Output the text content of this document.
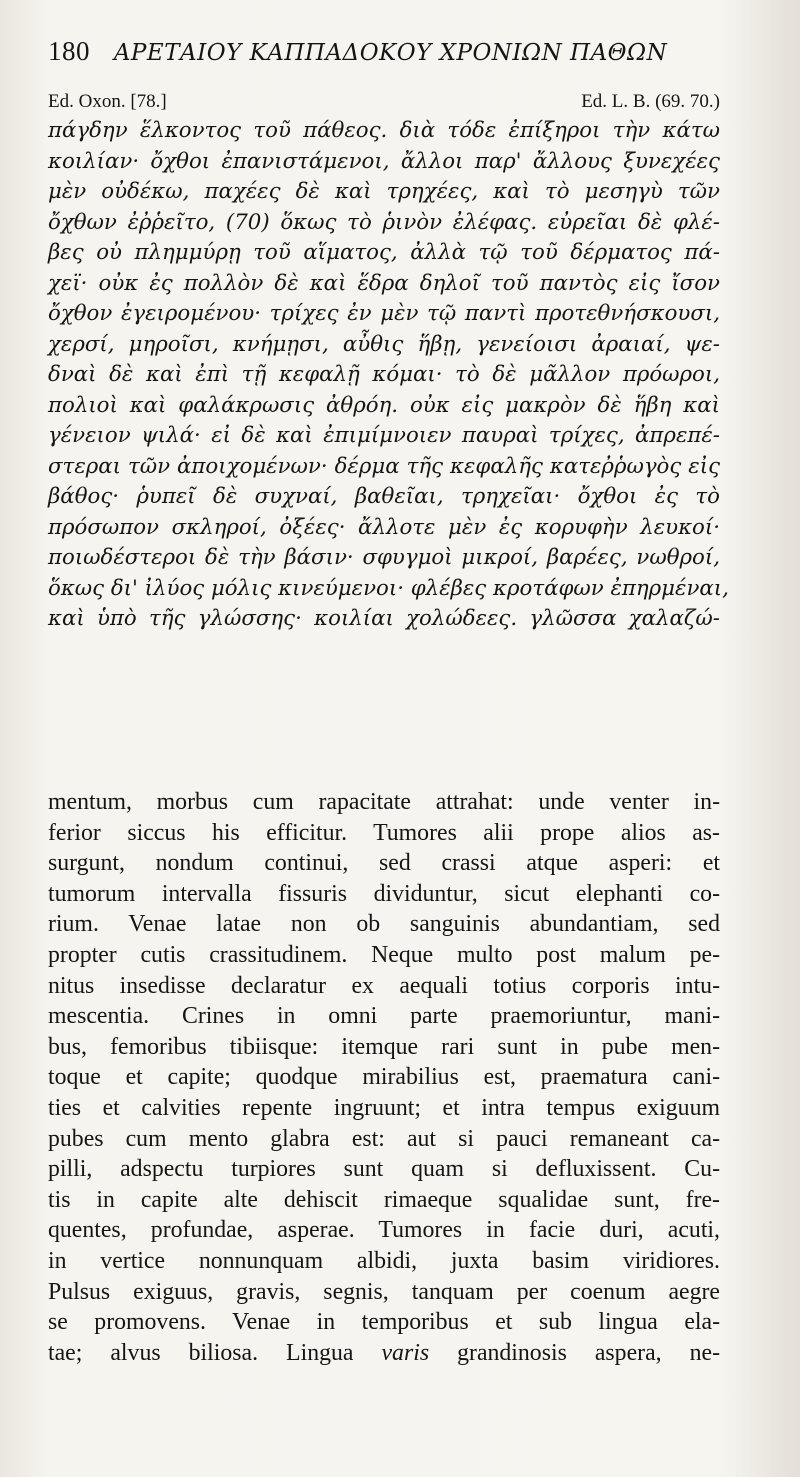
180 ΑΡΕΤΑΙΟΥ ΚΑΠΠΑΔΟΚΟΥ ΧΡΟΝΙΩΝ ΠΑΘΩΝ
Ed. Oxon. [78.]	Ed. L. B. (69. 70.)
πάγδην ἕλκοντος τοῦ πάθεος. διὰ τόδε ἐπίξηροι τὴν κάτω
κοιλίαν· ὄχθοι ἐπανιστάμενοι, ἄλλοι παρ' ἄλλους ξυνεχέες
μὲν οὐδέκω, παχέες δὲ καὶ τρηχέες, καὶ τὸ μεσηγὺ τῶν
ὄχθων ἐῤῥεῖτο, (70) ὅκως τὸ ῥινὸν ἐλέφας. εὐρεῖαι δὲ φλέ-
βες οὐ πλημμύρῃ τοῦ αἵματος, ἀλλὰ τῷ τοῦ δέρματος πά-
χεϊ· οὐκ ἐς πολλὸν δὲ καὶ ἕδρα δηλοῖ τοῦ παντὸς εἰς ἴσον
ὄχθον ἐγειρομένου· τρίχες ἐν μὲν τῷ παντὶ προτεθνήσκουσι,
χερσί, μηροῖσι, κνήμῃσι, αὖθις ἥβῃ, γενείοισι ἀραιαί, ψε-
δναὶ δὲ καὶ ἐπὶ τῇ κεφαλῇ κόμαι· τὸ δὲ μᾶλλον πρόωροι,
πολιοὶ καὶ φαλάκρωσις ἀθρόη. οὐκ εἰς μακρὸν δὲ ἥβη καὶ
γένειον ψιλά· εἰ δὲ καὶ ἐπιμίμνοιεν παυραὶ τρίχες, ἀπρεπέ-
στεραι τῶν ἀποιχομένων· δέρμα τῆς κεφαλῆς κατεῤῥωγὸς εἰς
βάθος· ῥυπεῖ δὲ συχναί, βαθεῖαι, τρηχεῖαι· ὄχθοι ἐς τὸ
πρόσωπον σκληροί, ὀξέες· ἄλλοτε μὲν ἐς κορυφὴν λευκοί·
ποιωδέστεροι δὲ τὴν βάσιν· σφυγμοὶ μικροί, βαρέες, νωθροί,
ὅκως δι' ἰλύος μόλις κινεύμενοι· φλέβες κροτάφων ἐπηρμέναι,
καὶ ὑπὸ τῆς γλώσσης· κοιλίαι χολώδεες. γλῶσσα χαλαζώ-
mentum, morbus cum rapacitate attrahat: unde venter in-
ferior siccus his efficitur. Tumores alii prope alios as-
surgunt, nondum continui, sed crassi atque asperi: et
tumorum intervalla fissuris dividuntur, sicut elephanti co-
rium. Venae latae non ob sanguinis abundantiam, sed
propter cutis crassitudinem. Neque multo post malum pe-
nitus insedisse declaratur ex aequali totius corporis intu-
mescentia. Crines in omni parte praemoriuntur, mani-
bus, femoribus tibiisque: itemque rari sunt in pube men-
toque et capite; quodque mirabilius est, praematura cani-
ties et calvities repente ingruunt; et intra tempus exiguum
pubes cum mento glabra est: aut si pauci remaneant ca-
pilli, adspectu turpiores sunt quam si defluxissent. Cu-
tis in capite alte dehiscit rimaeque squalidae sunt, fre-
quentes, profundae, asperae. Tumores in facie duri, acuti,
in vertice nonnunquam albidi, juxta basim viridiores.
Pulsus exiguus, gravis, segnis, tanquam per coenum aegre
se promovens. Venae in temporibus et sub lingua ela-
tae; alvus biliosa. Lingua varis grandinosis aspera, ne-
